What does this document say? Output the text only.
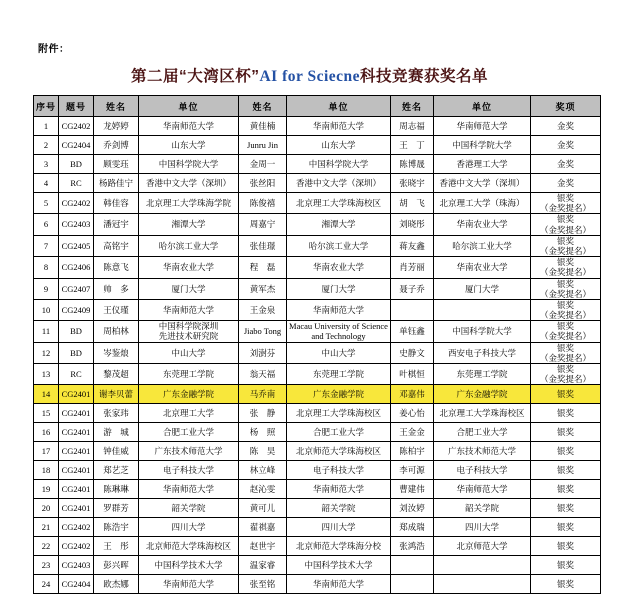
附件：
第二届“大湾区杯”AI for Sciecne科技竞赛获奖名单
序号	题号	姓名	单位	姓名	单位	姓名	单位	奖项
1	CG2402	龙婷婷	华南师范大学	黄佳楠	华南师范大学	周志福	华南师范大学	金奖
2	CG2404	乔剑博	山东大学	Junru Jin	山东大学	王　丁	中国科学院大学	金奖
3	BD	顾雯珏	中国科学院大学	金周一	中国科学院大学	陈博晟	香港理工大学	金奖
4	RC	杨路佳宁	香港中文大学（深圳）	张丝阳	香港中文大学（深圳）	张晓宇	香港中文大学（深圳）	金奖
5	CG2402	韩佳容	北京理工大学珠海学院	陈俊禧	北京理工大学珠海校区	胡　飞	北京理工大学（珠海）	银奖
（金奖提名）
6	CG2403	潘冠宇	湘潭大学	周嘉宁	湘潭大学	刘晓彤	华南农业大学	银奖
（金奖提名）
7	CG2405	高铭宇	哈尔滨工业大学	张佳璟	哈尔滨工业大学	蒋友鑫	哈尔滨工业大学	银奖
（金奖提名）
8	CG2406	陈意飞	华南农业大学	程　磊	华南农业大学	肖芳丽	华南农业大学	银奖
（金奖提名）
9	CG2407	帅　多	厦门大学	黄军杰	厦门大学	聂子乔	厦门大学	银奖
（金奖提名）
10	CG2409	王仪瑾	华南师范大学	王金泉	华南师范大学			银奖
（金奖提名）
11	BD	周柏林	中国科学院深圳
先进技术研究院	Jiabo Tong	Macau University of Science and Technology	单钰鑫	中国科学院大学	银奖
（金奖提名）
12	BD	岑鉴烺	中山大学	刘澍芬	中山大学	史静文	西安电子科技大学	银奖
（金奖提名）
13	RC	黎茂超	东莞理工学院	翁天福	东莞理工学院	叶棋恒	东莞理工学院	银奖
（金奖提名）
14	CG2401	谢李贝蕾	广东金融学院	马乔南	广东金融学院	邓嘉伟	广东金融学院	银奖
15	CG2401	张家玮	北京理工大学	张　静	北京理工大学珠海校区	姜心怡	北京理工大学珠海校区	银奖
16	CG2401	游　城	合肥工业大学	杨　照	合肥工业大学	王金金	合肥工业大学	银奖
17	CG2401	钟佳威	广东技术师范大学	陈　昊	北京师范大学珠海校区	陈柏宇	广东技术师范大学	银奖
18	CG2401	郑艺芝	电子科技大学	林立峰	电子科技大学	李可源	电子科技大学	银奖
19	CG2401	陈琳琳	华南师范大学	赵沁雯	华南师范大学	曹建伟	华南师范大学	银奖
20	CG2401	罗群芳	韶关学院	黄可儿	韶关学院	刘汝婷	韶关学院	银奖
21	CG2402	陈浩宇	四川大学	翟祺嘉	四川大学	郑成瑞	四川大学	银奖
22	CG2402	王　彤	北京师范大学珠海校区	赵世宇	北京师范大学珠海分校	张鸿浩	北京师范大学	银奖
23	CG2403	彭兴晖	中国科学技术大学	温家睿	中国科学技术大学			银奖
24	CG2404	欧杰娜	华南师范大学	张至铭	华南师范大学			银奖
